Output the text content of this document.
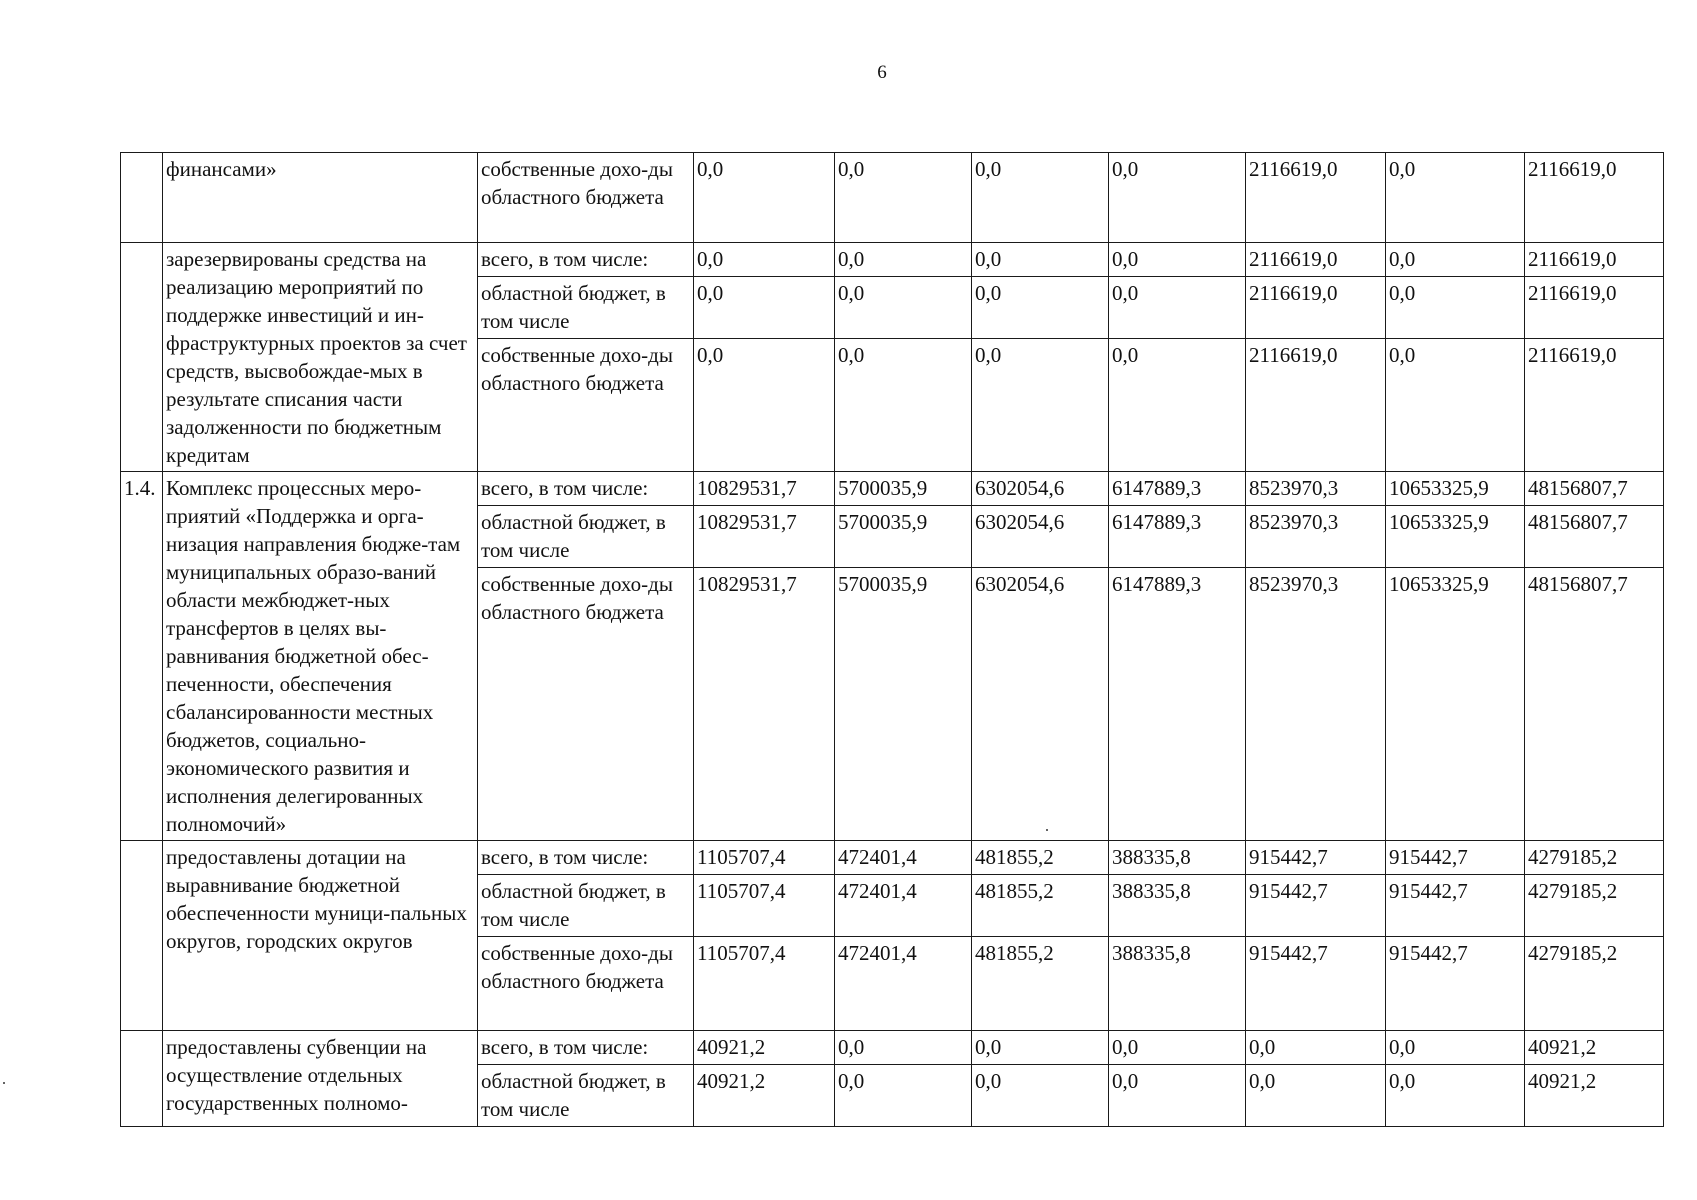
6
	финансами»	собственные дохо-ды областного бюджета	0,0	0,0	0,0	0,0	2116619,0	0,0	2116619,0
	зарезервированы средства на реализацию мероприятий по поддержке инвестиций и ин-фраструктурных проектов за счет средств, высвобождае-мых в результате списания части задолженности по бюджетным кредитам	всего, в том числе:	0,0	0,0	0,0	0,0	2116619,0	0,0	2116619,0
		областной бюджет, в том числе	0,0	0,0	0,0	0,0	2116619,0	0,0	2116619,0
		собственные дохо-ды областного бюджета	0,0	0,0	0,0	0,0	2116619,0	0,0	2116619,0
1.4.	Комплекс процессных меро-приятий «Поддержка и орга-низация направления бюдже-там муниципальных образо-ваний области межбюджет-ных трансфертов в целях вы-равнивания бюджетной обес-печенности, обеспечения сбалансированности местных бюджетов, социально-экономического развития и исполнения делегированных полномочий»	всего, в том числе:	10829531,7	5700035,9	6302054,6	6147889,3	8523970,3	10653325,9	48156807,7
		областной бюджет, в том числе	10829531,7	5700035,9	6302054,6	6147889,3	8523970,3	10653325,9	48156807,7
		собственные дохо-ды областного бюджета	10829531,7	5700035,9	6302054,6	6147889,3	8523970,3	10653325,9	48156807,7
	предоставлены дотации на выравнивание бюджетной обеспеченности муници-пальных округов, городских округов	всего, в том числе:	1105707,4	472401,4	481855,2	388335,8	915442,7	915442,7	4279185,2
		областной бюджет, в том числе	1105707,4	472401,4	481855,2	388335,8	915442,7	915442,7	4279185,2
		собственные дохо-ды областного бюджета	1105707,4	472401,4	481855,2	388335,8	915442,7	915442,7	4279185,2
	предоставлены субвенции на осуществление отдельных государственных полномо-	всего, в том числе:	40921,2	0,0	0,0	0,0	0,0	0,0	40921,2
		областной бюджет, в том числе	40921,2	0,0	0,0	0,0	0,0	0,0	40921,2
